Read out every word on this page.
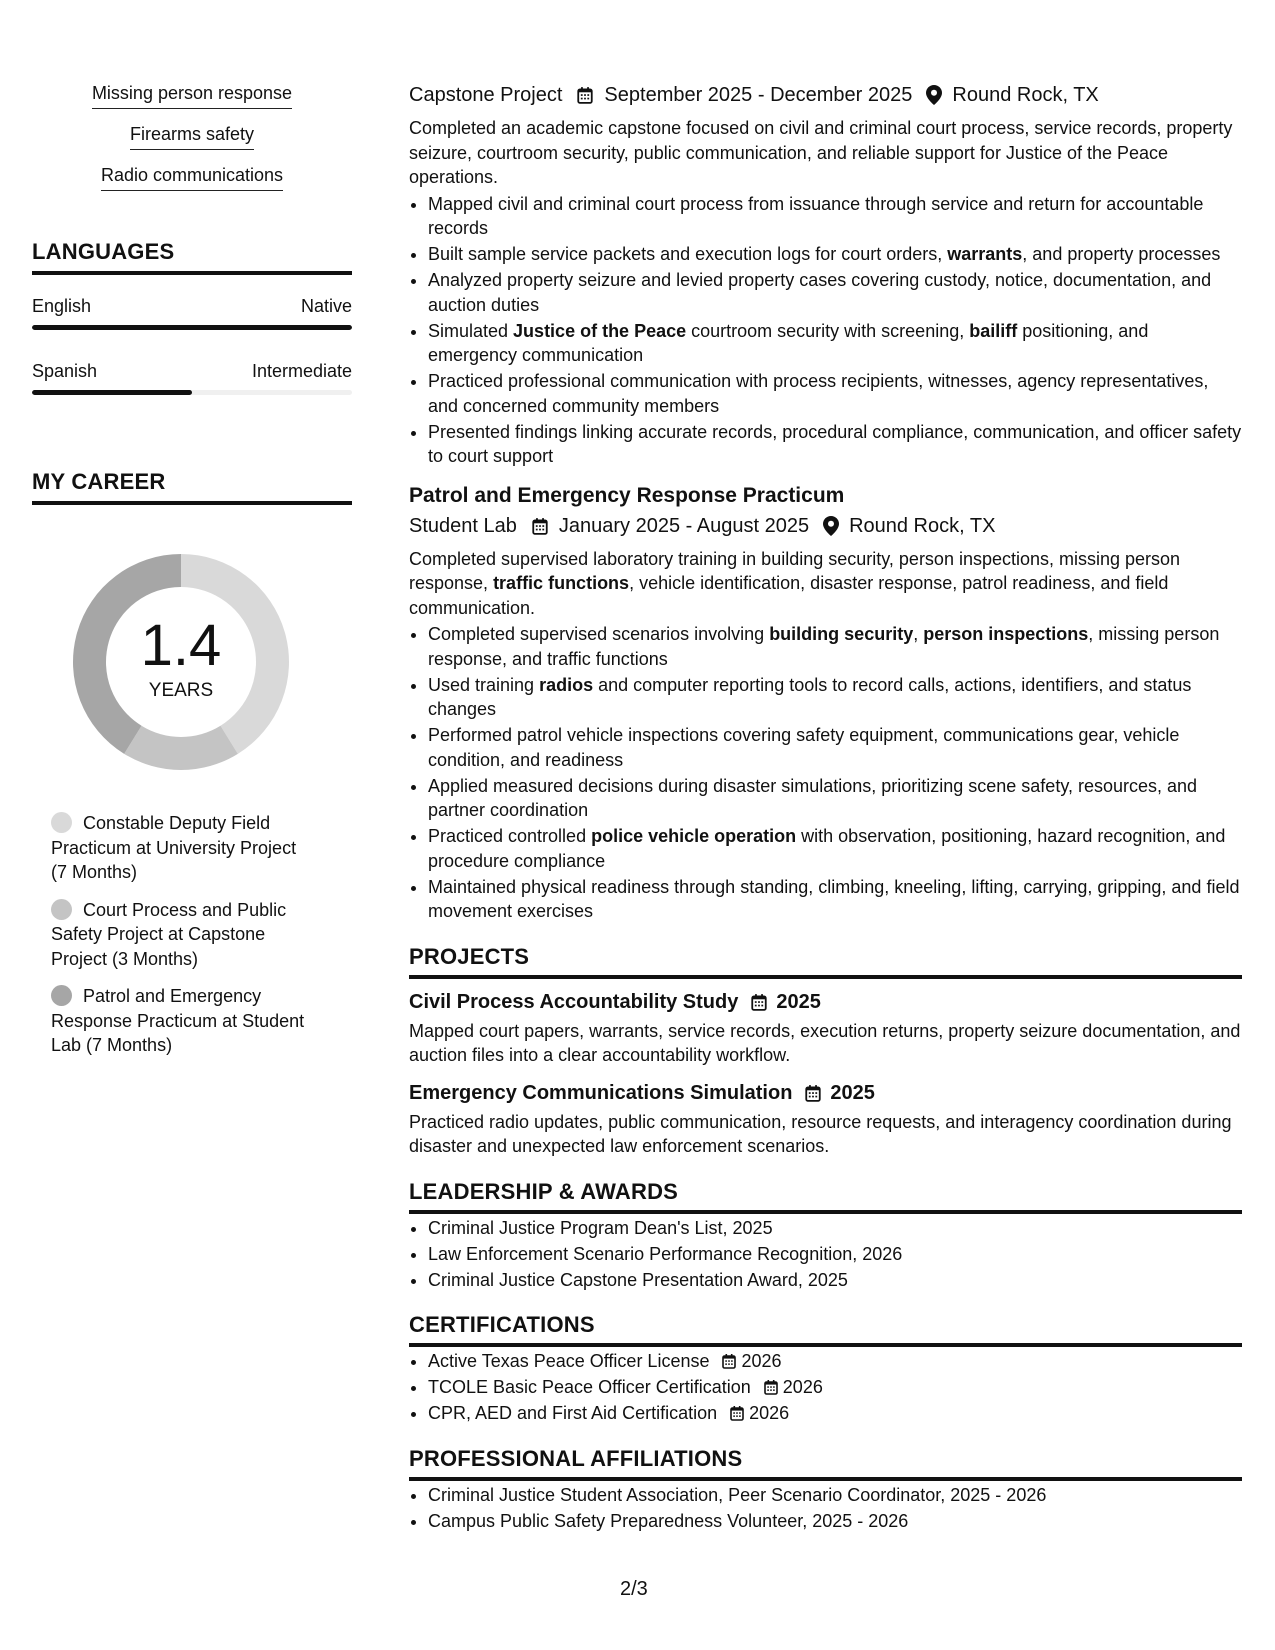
Missing person response
Firearms safety
Radio communications
LANGUAGES
English	Native
Spanish	Intermediate
MY CAREER
1.4
YEARS
Constable Deputy Field Practicum at University Project (7 Months)
Court Process and Public Safety Project at Capstone Project (3 Months)
Patrol and Emergency Response Practicum at Student Lab (7 Months)
Capstone Project September 2025 - December 2025 Round Rock, TX
Completed an academic capstone focused on civil and criminal court process, service records, property seizure, courtroom security, public communication, and reliable support for Justice of the Peace operations.
• Mapped civil and criminal court process from issuance through service and return for accountable records
• Built sample service packets and execution logs for court orders, warrants, and property processes
• Analyzed property seizure and levied property cases covering custody, notice, documentation, and auction duties
• Simulated Justice of the Peace courtroom security with screening, bailiff positioning, and emergency communication
• Practiced professional communication with process recipients, witnesses, agency representatives, and concerned community members
• Presented findings linking accurate records, procedural compliance, communication, and officer safety to court support
Patrol and Emergency Response Practicum
Student Lab January 2025 - August 2025 Round Rock, TX
Completed supervised laboratory training in building security, person inspections, missing person response, traffic functions, vehicle identification, disaster response, patrol readiness, and field communication.
• Completed supervised scenarios involving building security, person inspections, missing person response, and traffic functions
• Used training radios and computer reporting tools to record calls, actions, identifiers, and status changes
• Performed patrol vehicle inspections covering safety equipment, communications gear, vehicle condition, and readiness
• Applied measured decisions during disaster simulations, prioritizing scene safety, resources, and partner coordination
• Practiced controlled police vehicle operation with observation, positioning, hazard recognition, and procedure compliance
• Maintained physical readiness through standing, climbing, kneeling, lifting, carrying, gripping, and field movement exercises
PROJECTS
Civil Process Accountability Study 2025
Mapped court papers, warrants, service records, execution returns, property seizure documentation, and auction files into a clear accountability workflow.
Emergency Communications Simulation 2025
Practiced radio updates, public communication, resource requests, and interagency coordination during disaster and unexpected law enforcement scenarios.
LEADERSHIP & AWARDS
• Criminal Justice Program Dean's List, 2025
• Law Enforcement Scenario Performance Recognition, 2026
• Criminal Justice Capstone Presentation Award, 2025
CERTIFICATIONS
• Active Texas Peace Officer License 2026
• TCOLE Basic Peace Officer Certification 2026
• CPR, AED and First Aid Certification 2026
PROFESSIONAL AFFILIATIONS
• Criminal Justice Student Association, Peer Scenario Coordinator, 2025 - 2026
• Campus Public Safety Preparedness Volunteer, 2025 - 2026
2/3
